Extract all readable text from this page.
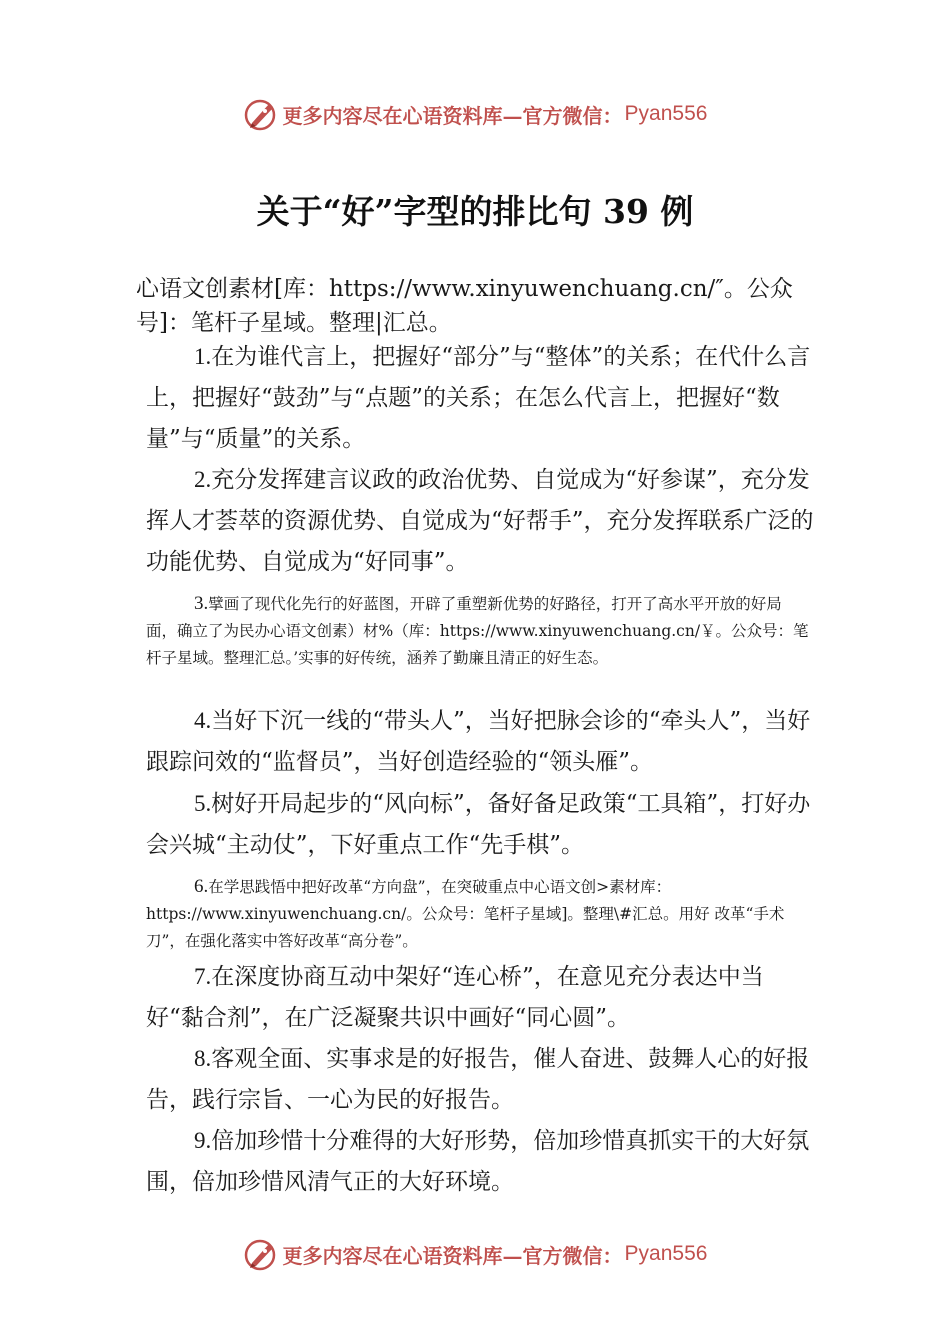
更多内容尽在心语资料库—官方微信： Pyan556
关于“好”字型的排比句 39 例
心语文创素材[库：https://www.xinyuwenchuang.cn/″。公众号]：笔杆子星域。整理|汇总。
1.在为谁代言上，把握好“部分”与“整体”的关系；在代什么言上，把握好“鼓劲”与“点题”的关系；在怎么代言上，把握好“数量”与“质量”的关系。
2.充分发挥建言议政的政治优势、自觉成为“好参谋”，充分发挥人才荟萃的资源优势、自觉成为“好帮手”，充分发挥联系广泛的功能优势、自觉成为“好同事”。
3.擘画了现代化先行的好蓝图，开辟了重塑新优势的好路径，打开了高水平开放的好局面，确立了为民办心语文创素）材%（库：https://www.xinyuwenchuang.cn/￥。公众号：笔杆子星域。整理汇总。’实事的好传统，涵养了勤廉且清正的好生态。
4.当好下沉一线的“带头人”，当好把脉会诊的“牵头人”，当好跟踪问效的“监督员”，当好创造经验的“领头雁”。
5.树好开局起步的“风向标”，备好备足政策“工具箱”，打好办会兴城“主动仗”，下好重点工作“先手棋”。
6.在学思践悟中把好改革“方向盘”，在突破重点中心语文创>素材库：https://www.xinyuwenchuang.cn/。公众号：笔杆子星域]。整理\#汇总。用好 改革“手术刀”，在强化落实中答好改革“高分卷”。
7.在深度协商互动中架好“连心桥”，在意见充分表达中当好“黏合剂”，在广泛凝聚共识中画好“同心圆”。
8.客观全面、实事求是的好报告，催人奋进、鼓舞人心的好报告，践行宗旨、一心为民的好报告。
9.倍加珍惜十分难得的大好形势，倍加珍惜真抓实干的大好氛围，倍加珍惜风清气正的大好环境。
更多内容尽在心语资料库—官方微信： Pyan556
